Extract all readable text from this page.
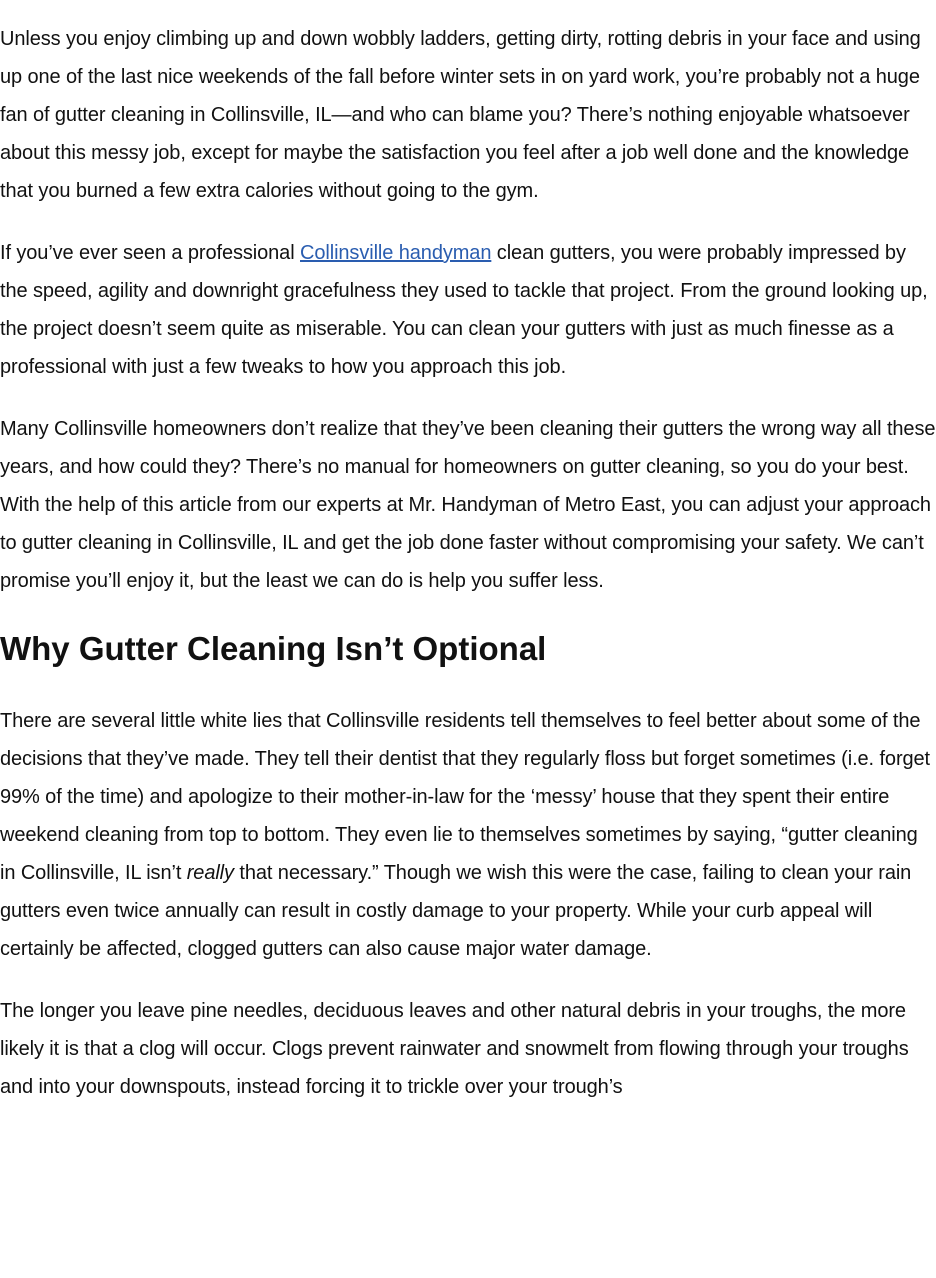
Unless you enjoy climbing up and down wobbly ladders, getting dirty, rotting debris in your face and using up one of the last nice weekends of the fall before winter sets in on yard work, you’re probably not a huge fan of gutter cleaning in Collinsville, IL—and who can blame you? There’s nothing enjoyable whatsoever about this messy job, except for maybe the satisfaction you feel after a job well done and the knowledge that you burned a few extra calories without going to the gym.

If you’ve ever seen a professional Collinsville handyman clean gutters, you were probably impressed by the speed, agility and downright gracefulness they used to tackle that project. From the ground looking up, the project doesn’t seem quite as miserable. You can clean your gutters with just as much finesse as a professional with just a few tweaks to how you approach this job.

Many Collinsville homeowners don’t realize that they’ve been cleaning their gutters the wrong way all these years, and how could they? There’s no manual for homeowners on gutter cleaning, so you do your best. With the help of this article from our experts at Mr. Handyman of Metro East, you can adjust your approach to gutter cleaning in Collinsville, IL and get the job done faster without compromising your safety. We can’t promise you’ll enjoy it, but the least we can do is help you suffer less.

Why Gutter Cleaning Isn’t Optional

There are several little white lies that Collinsville residents tell themselves to feel better about some of the decisions that they’ve made. They tell their dentist that they regularly floss but forget sometimes (i.e. forget 99% of the time) and apologize to their mother-in-law for the ‘messy’ house that they spent their entire weekend cleaning from top to bottom. They even lie to themselves sometimes by saying, “gutter cleaning in Collinsville, IL isn’t really that necessary.” Though we wish this were the case, failing to clean your rain gutters even twice annually can result in costly damage to your property. While your curb appeal will certainly be affected, clogged gutters can also cause major water damage.

The longer you leave pine needles, deciduous leaves and other natural debris in your troughs, the more likely it is that a clog will occur. Clogs prevent rainwater and snowmelt from flowing through your troughs and into your downspouts, instead forcing it to trickle over your trough’s
